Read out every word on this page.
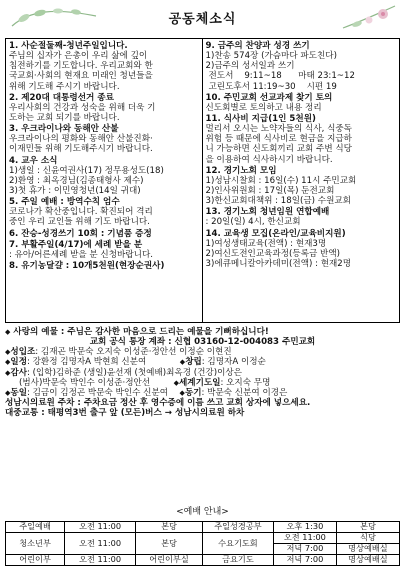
공동체소식
1. 사순절둘째-청년주일입니다.
주님의 십자가 은총이 우리 삶에 깊이
침전하기를 기도합니다. 우리교회와 한
국교회·사회의 현재요 미래인 청년들을
위해 기도해 주시기 바랍니다.
2. 제20대 대통령선거 종료
우리사회의 건강과 성숙을 위해 더욱 기
도하는 교회 되기를 바랍니다.
3. 우크라이나와 동해안 산불
우크라이나의 평화와 동해안 산불진화·
이재민들 위해 기도해주시기 바랍니다.
4. 교우 소식
1)생일 : 신윤여권사(17) 정무용성도(18)
2)환영 : 최옥경님(김종태형사 제수)
3)첫 휴가 : 이민영청년(14일 귀대)
5. 주일 예배 : 방역수칙 엄수
코로나가 확산중입니다. 확진되어 격리
중인 우리 교인들 위해 기도 바랍니다.
6. 잔승-성경쓰기 10회 : 기념품 증정
7. 부활주일(4/17)에 세례 받을 분
: 유아/어른세례 받을 분 신청바랍니다.
8. 유기농달걀 : 10개5천원(현장순권사)
9. 금주의 찬양과 성경 쓰기
1)찬송 574장 (가슴마다 파도친다)
2)금주의 성서일과 쓰기
전도서    9:11~18      마태 23:1~12
고린도후서 11:19~30    시편 19
10. 주민교회 선교과제 찾기 토의
신도회별로 토의하고 내용 정리
11. 식사비 지급(1인 5천원)
멀리서 오시는 노약자들의 식사, 식중독
위험 등 때문에 식사비로 현금을 지급하
니 가능하면 신도회끼리 교회 주변 식당
을 이용하여 식사하시기 바랍니다.
12. 경기노회 모임
1)성남시찰회 : 16일(수) 11시 주민교회
2)인사위원회 : 17일(목) 둔전교회
3)한신교회대책위 : 18일(금) 수원교회
13. 경기노회 청년임원 연합예배
: 20일(일) 4시, 한신교회
14. 교육생 모집(온라인/교육비지원)
1)여성생태교육(전액) : 현재3명
2)여신도전인교육과정(등록금 반액)
3)에큐메니칼아카데미(전액) : 현재2명
◆ 사랑의 예물 : 주님은 감사한 마음으로 드리는 예물을 기뻐하십니다!
교회 공식 통장 계좌 : 신협 03160-12-004083 주민교회
◆성입조: 김재곤 박문숙 오지숙 이성준·정안선 이정순 이현진
◆일정: 강환정 김명자A 박현희 신분여	◆창립: 김명자A 이정순
◆감사: (입학)김하준 (생일)윤선재 (첫예배)최옥경 (건강)이상은
(범사)박문숙 박인수 이성준·정안선	◆세계기도일: 오지숙 무명
◆동일: 김금이 김정곤 박문숙 박인수 신분여 ◆동기: 박문숙 신분여 이경은
성남시의료원 주차 : 주차요금 정산 후 영수증에 이름 쓰고 교회 상자에 넣으세요.
대중교통 : 태평역3번 출구 앞 (모든)버스 → 성남시의료원 하차
<예배 안내>
주일예배	오전 11:00	본당	주일성경공부	오후 1:30	본당
청소년부	오전 11:00	본당	수요기도회	오전 11:00	식당
				저녁 7:00	명상예배실
어린이부	오전 11:00	어린이부실	금요기도	저녁 7:00	명상예배실
